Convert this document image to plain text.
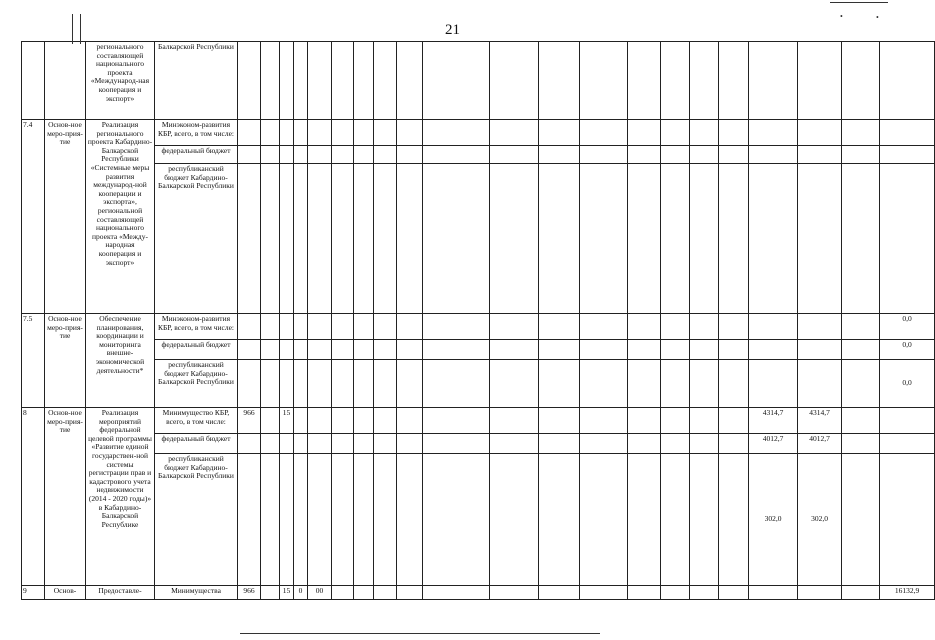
21
		регионального составляющей национального проекта «Международ-ная кооперация и экспорт»	Балкарской Республики																					
7.4	Основ-ное меро-прия-тие	Реализация регионального проекта Кабардино-Балкарской Республики «Системные меры развития международ-ной кооперации и экспорта», региональной составляющей национального проекта «Между-народная кооперация и экспорт»	Минэконом-развития КБР, всего, в том числе:																					
			федеральный бюджет																					
			республиканский бюджет Кабардино-Балкарской Республики																					
7.5	Основ-ное меро-прия-тие	Обеспечение планирования, координации и мониторинга внешне-экономической деятельности*	Минэконом-развития КБР, всего, в том числе:																					0,0
			федеральный бюджет																					0,0
			республиканский бюджет Кабардино-Балкарской Республики																					0,0
8	Основ-ное меро-прия-тие	Реализация мероприятий федеральной целевой программы «Развитие единой государствен-ной системы регистрации прав и кадастрового учета недвижимости (2014 - 2020 годы)» в Кабардино-Балкарской Республике	Минимущество КБР, всего, в том числе:	966		15															4314,7	4314,7		
			федеральный бюджет																		4012,7	4012,7		
			республиканский бюджет Кабардино-Балкарской Республики																		302,0	302,0		
9	Основ-	Предоставле-	Минимущества	966		15	0	00																16132,9
•	•
